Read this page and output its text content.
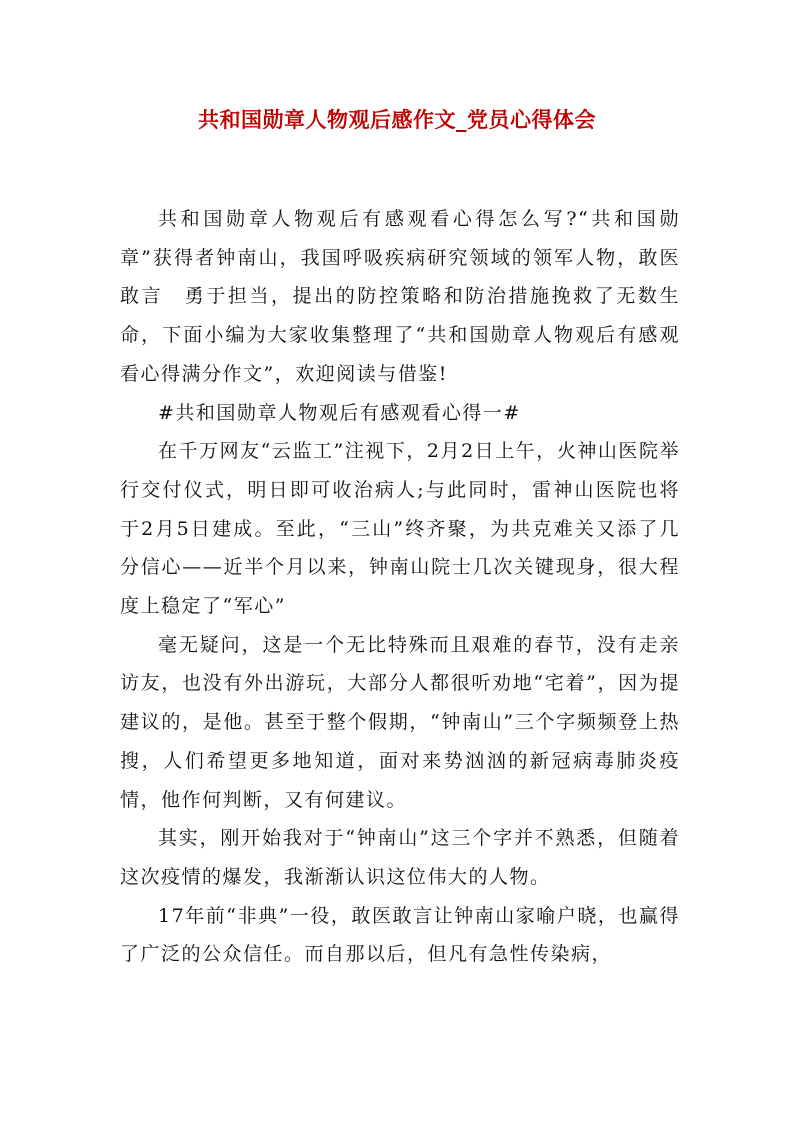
共和国勋章人物观后感作文_党员心得体会

共和国勋章人物观后有感观看心得怎么写?“共和国勋章”获得者钟南山，我国呼吸疾病研究领域的领军人物，敢医敢言　勇于担当，提出的防控策略和防治措施挽救了无数生命，下面小编为大家收集整理了“共和国勋章人物观后有感观看心得满分作文”，欢迎阅读与借鉴!

#共和国勋章人物观后有感观看心得一#

在千万网友“云监工”注视下，2月2日上午，火神山医院举行交付仪式，明日即可收治病人;与此同时，雷神山医院也将于2月5日建成。至此，“三山”终齐聚，为共克难关又添了几分信心——近半个月以来，钟南山院士几次关键现身，很大程度上稳定了“军心”

毫无疑问，这是一个无比特殊而且艰难的春节，没有走亲访友，也没有外出游玩，大部分人都很听劝地“宅着”，因为提建议的，是他。甚至于整个假期，“钟南山”三个字频频登上热搜，人们希望更多地知道，面对来势汹汹的新冠病毒肺炎疫情，他作何判断，又有何建议。

其实，刚开始我对于“钟南山”这三个字并不熟悉，但随着这次疫情的爆发，我渐渐认识这位伟大的人物。

17年前“非典”一役，敢医敢言让钟南山家喻户晓，也赢得了广泛的公众信任。而自那以后，但凡有急性传染病，
